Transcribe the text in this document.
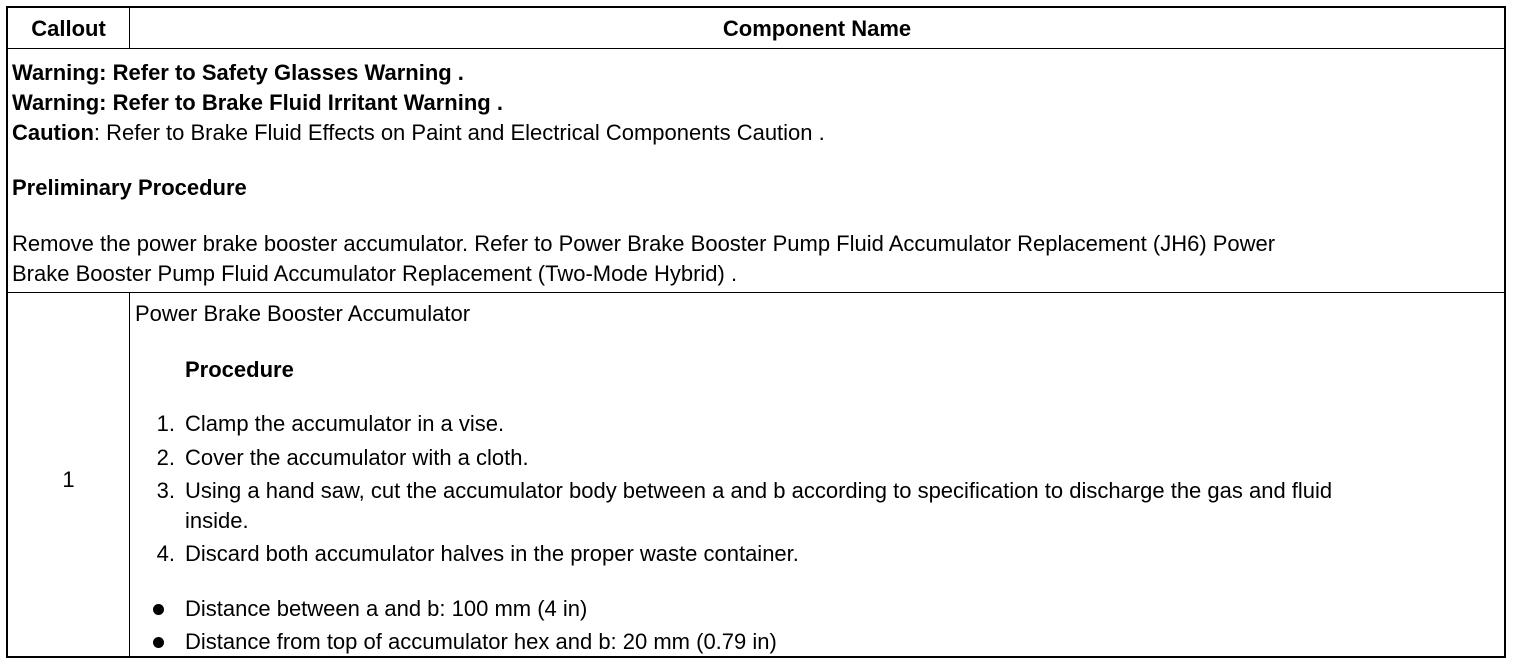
Callout	Component Name
Warning: Refer to Safety Glasses Warning .
Warning: Refer to Brake Fluid Irritant Warning .
Caution: Refer to Brake Fluid Effects on Paint and Electrical Components Caution .
Preliminary Procedure
Remove the power brake booster accumulator. Refer to Power Brake Booster Pump Fluid Accumulator Replacement (JH6) Power
Brake Booster Pump Fluid Accumulator Replacement (Two-Mode Hybrid) .
1
Power Brake Booster Accumulator
Procedure
1. Clamp the accumulator in a vise.
2. Cover the accumulator with a cloth.
3. Using a hand saw, cut the accumulator body between a and b according to specification to discharge the gas and fluid
inside.
4. Discard both accumulator halves in the proper waste container.
Distance between a and b: 100 mm (4 in)
Distance from top of accumulator hex and b: 20 mm (0.79 in)
